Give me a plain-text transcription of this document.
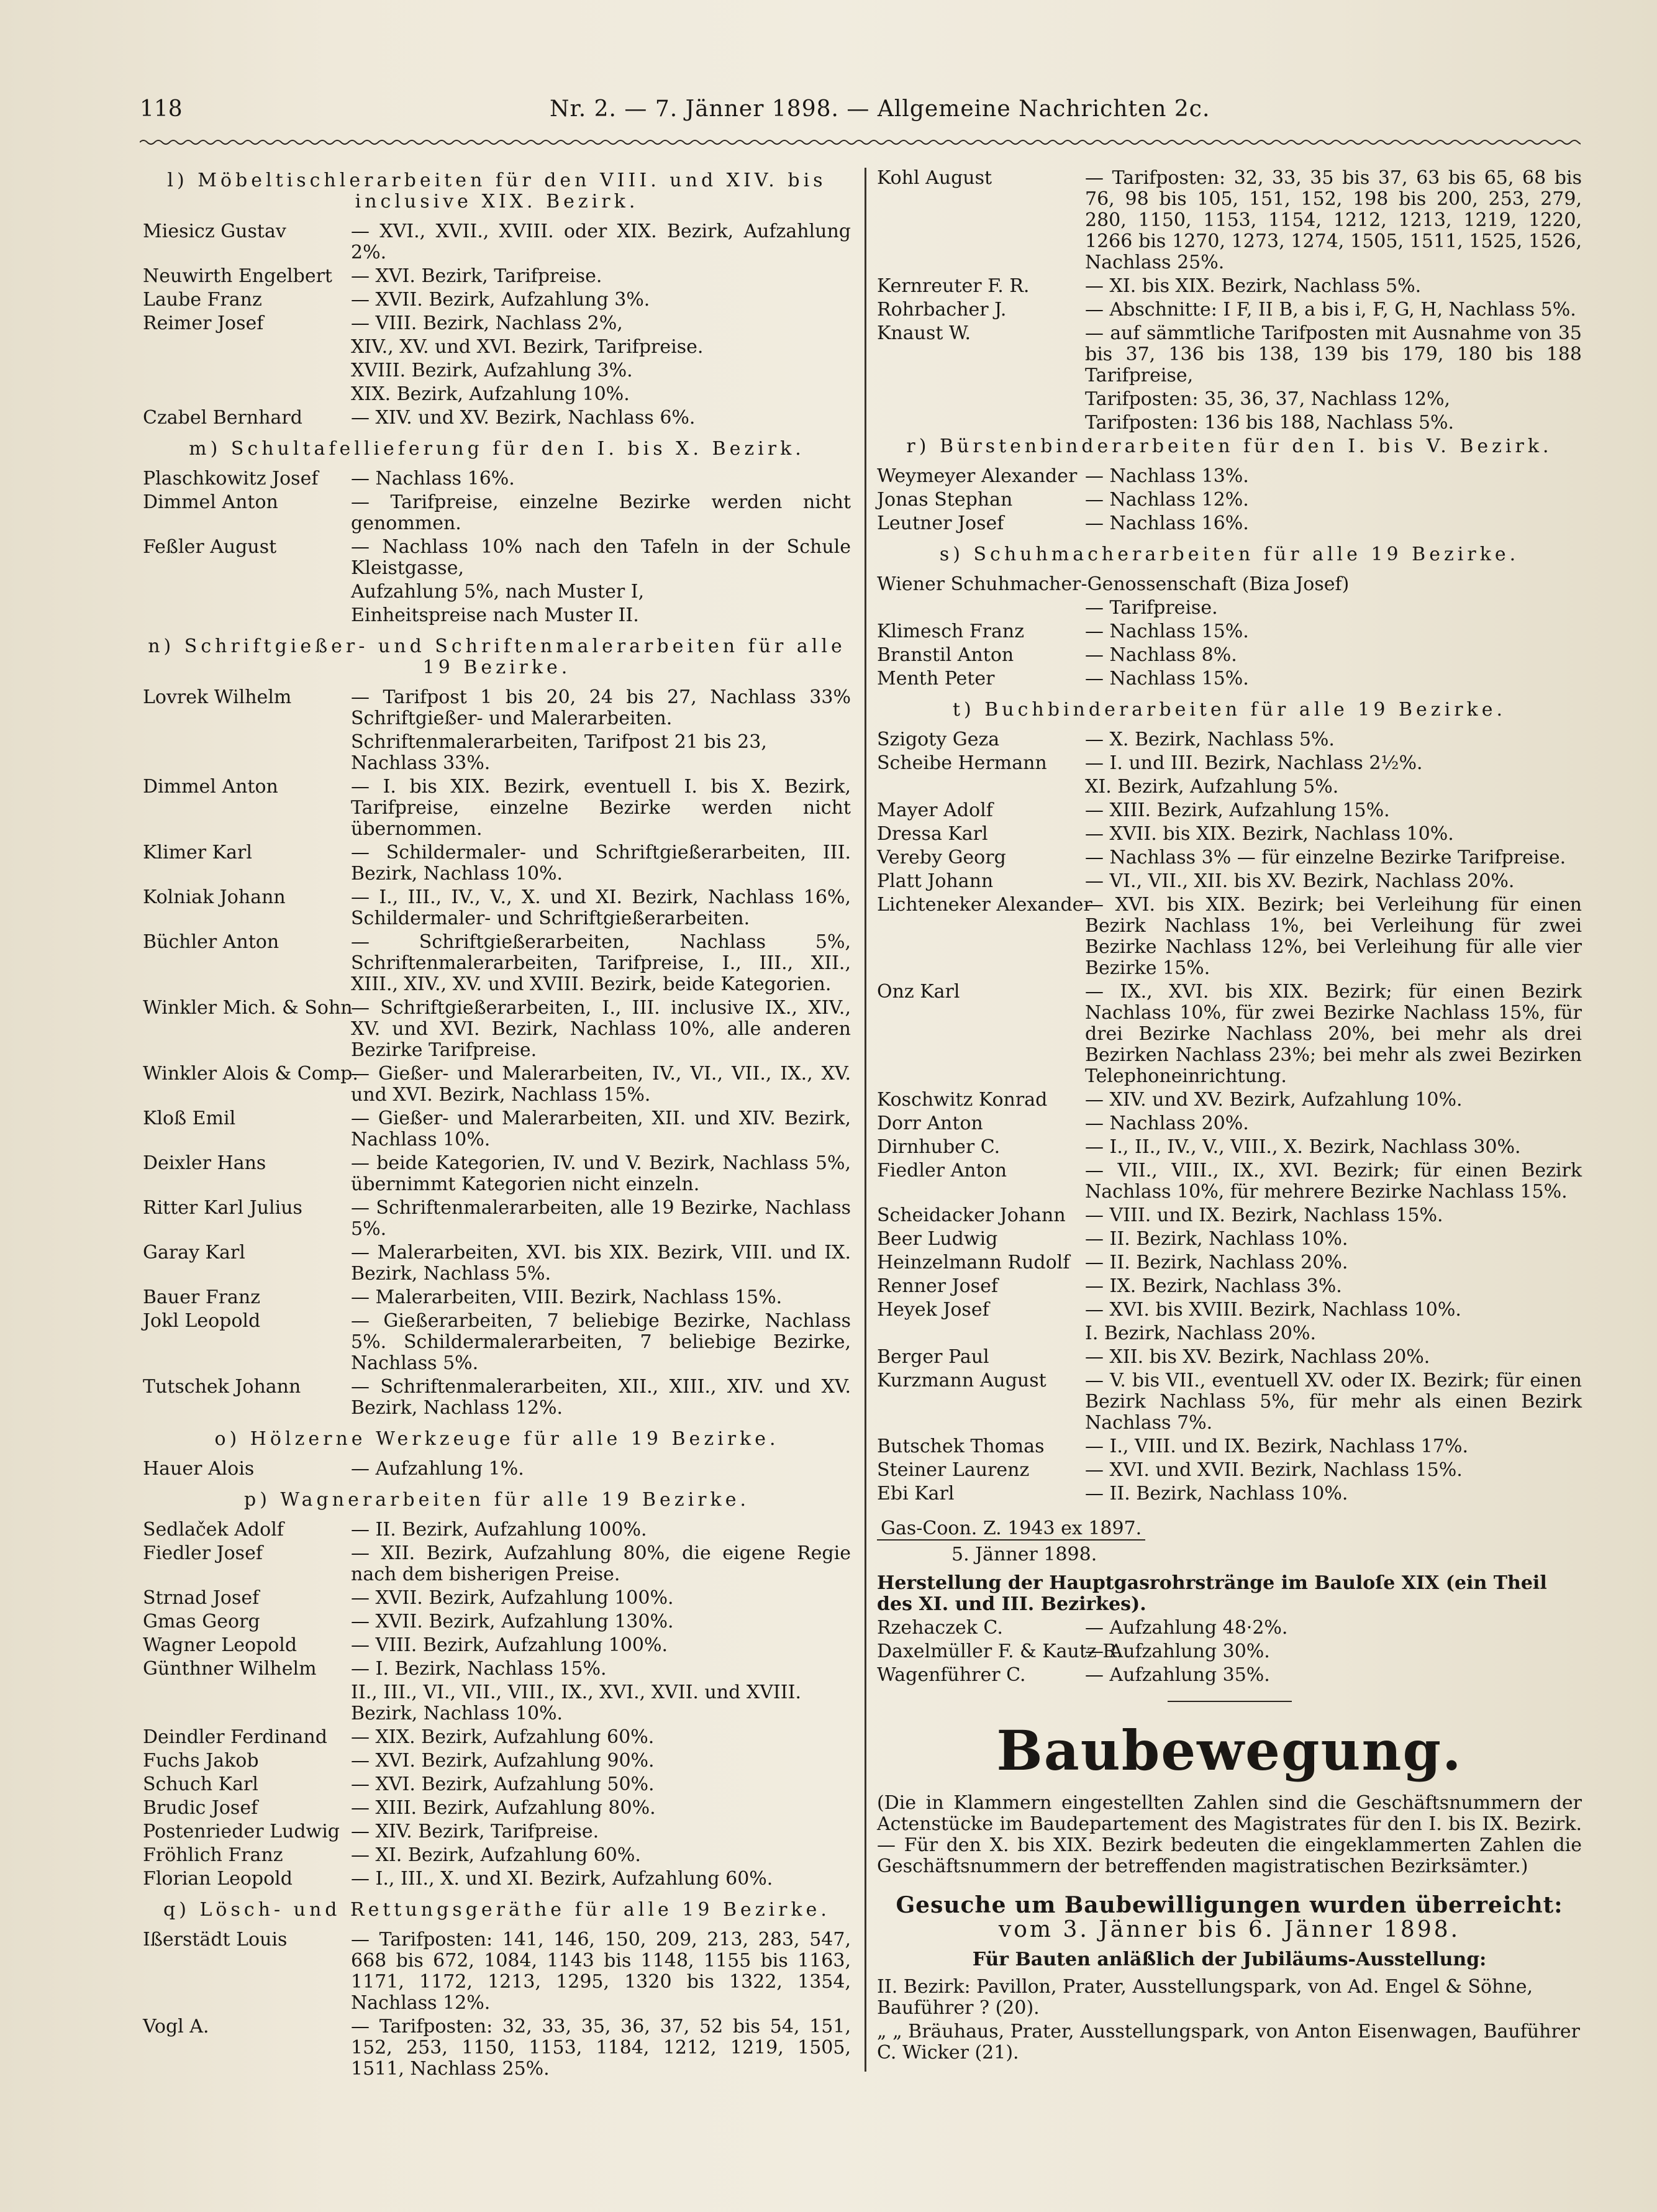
118	Nr. 2. — 7. Jänner 1898. — Allgemeine Nachrichten 2c.
l) Möbeltischlerarbeiten für den VIII. und XIV. bis inclusive XIX. Bezirk.
Miesicz Gustav	— XVI., XVII., XVIII. oder XIX. Bezirk, Aufzahlung 2%.
Neuwirth Engelbert	— XVI. Bezirk, Tarifpreise.
Laube Franz	— XVII. Bezirk, Aufzahlung 3%.
Reimer Josef	— VIII. Bezirk, Nachlass 2%,
XIV., XV. und XVI. Bezirk, Tarifpreise.
XVIII. Bezirk, Aufzahlung 3%.
XIX. Bezirk, Aufzahlung 10%.
Czabel Bernhard	— XIV. und XV. Bezirk, Nachlass 6%.
m) Schultafellieferung für den I. bis X. Bezirk.
Plaschkowitz Josef	— Nachlass 16%.
Dimmel Anton	— Tarifpreise, einzelne Bezirke werden nicht genommen.
Feßler August	— Nachlass 10% nach den Tafeln in der Schule Kleistgasse,
Aufzahlung 5%, nach Muster I,
Einheitspreise nach Muster II.
n) Schriftgießer- und Schriftenmalerarbeiten für alle 19 Bezirke.
Lovrek Wilhelm	— Tarifpost 1 bis 20, 24 bis 27, Nachlass 33% Schriftgießer- und Malerarbeiten.
Schriftenmalerarbeiten, Tarifpost 21 bis 23, Nachlass 33%.
Dimmel Anton	— I. bis XIX. Bezirk, eventuell I. bis X. Bezirk, Tarifpreise, einzelne Bezirke werden nicht übernommen.
Klimer Karl	— Schildermaler- und Schriftgießerarbeiten, III. Bezirk, Nachlass 10%.
Kolniak Johann	— I., III., IV., V., X. und XI. Bezirk, Nachlass 16%, Schildermaler- und Schriftgießerarbeiten.
Büchler Anton	— Schriftgießerarbeiten, Nachlass 5%, Schriftenmalerarbeiten, Tarifpreise, I., III., XII., XIII., XIV., XV. und XVIII. Bezirk, beide Kategorien.
Winkler Mich. & Sohn
— Schriftgießerarbeiten, I., III. inclusive IX., XIV., XV. und XVI. Bezirk, Nachlass 10%, alle anderen Bezirke Tarifpreise.
Winkler Alois & Comp.
— Gießer- und Malerarbeiten, IV., VI., VII., IX., XV. und XVI. Bezirk, Nachlass 15%.
Kloß Emil	— Gießer- und Malerarbeiten, XII. und XIV. Bezirk, Nachlass 10%.
Deixler Hans	— beide Kategorien, IV. und V. Bezirk, Nachlass 5%, übernimmt Kategorien nicht einzeln.
Ritter Karl Julius	— Schriftenmalerarbeiten, alle 19 Bezirke, Nachlass 5%.
Garay Karl	— Malerarbeiten, XVI. bis XIX. Bezirk, VIII. und IX. Bezirk, Nachlass 5%.
Bauer Franz	— Malerarbeiten, VIII. Bezirk, Nachlass 15%.
Jokl Leopold	— Gießerarbeiten, 7 beliebige Bezirke, Nachlass 5%. Schildermalerarbeiten, 7 beliebige Bezirke, Nachlass 5%.
Tutschek Johann	— Schriftenmalerarbeiten, XII., XIII., XIV. und XV. Bezirk, Nachlass 12%.
o) Hölzerne Werkzeuge für alle 19 Bezirke.
Hauer Alois	— Aufzahlung 1%.
p) Wagnerarbeiten für alle 19 Bezirke.
Sedlaček Adolf	— II. Bezirk, Aufzahlung 100%.
Fiedler Josef	— XII. Bezirk, Aufzahlung 80%, die eigene Regie nach dem bisherigen Preise.
Strnad Josef	— XVII. Bezirk, Aufzahlung 100%.
Gmas Georg	— XVII. Bezirk, Aufzahlung 130%.
Wagner Leopold	— VIII. Bezirk, Aufzahlung 100%.
Günthner Wilhelm	— I. Bezirk, Nachlass 15%.
II., III., VI., VII., VIII., IX., XVI., XVII. und XVIII. Bezirk, Nachlass 10%.
Deindler Ferdinand	— XIX. Bezirk, Aufzahlung 60%.
Fuchs Jakob	— XVI. Bezirk, Aufzahlung 90%.
Schuch Karl	— XVI. Bezirk, Aufzahlung 50%.
Brudic Josef	— XIII. Bezirk, Aufzahlung 80%.
Postenrieder Ludwig — XIV. Bezirk, Tarifpreise.
Fröhlich Franz	— XI. Bezirk, Aufzahlung 60%.
Florian Leopold	— I., III., X. und XI. Bezirk, Aufzahlung 60%.
q) Lösch- und Rettungsgeräthe für alle 19 Bezirke.
Ißerstädt Louis	— Tarifposten: 141, 146, 150, 209, 213, 283, 547, 668 bis 672, 1084, 1143 bis 1148, 1155 bis 1163, 1171, 1172, 1213, 1295, 1320 bis 1322, 1354, Nachlass 12%.
Vogl A.	— Tarifposten: 32, 33, 35, 36, 37, 52 bis 54, 151, 152, 253, 1150, 1153, 1184, 1212, 1219, 1505, 1511, Nachlass 25%.
Kohl August	— Tarifposten: 32, 33, 35 bis 37, 63 bis 65, 68 bis 76, 98 bis 105, 151, 152, 198 bis 200, 253, 279, 280, 1150, 1153, 1154, 1212, 1213, 1219, 1220, 1266 bis 1270, 1273, 1274, 1505, 1511, 1525, 1526, Nachlass 25%.
Kernreuter F. R.	— XI. bis XIX. Bezirk, Nachlass 5%.
Rohrbacher J.	— Abschnitte: I F, II B, a bis i, F, G, H, Nachlass 5%.
Knaust W.	— auf sämmtliche Tarifposten mit Ausnahme von 35 bis 37, 136 bis 138, 139 bis 179, 180 bis 188 Tarifpreise,
Tarifposten: 35, 36, 37, Nachlass 12%,
Tarifposten: 136 bis 188, Nachlass 5%.
r) Bürstenbinderarbeiten für den I. bis V. Bezirk.
Weymeyer Alexander — Nachlass 13%.
Jonas Stephan	— Nachlass 12%.
Leutner Josef	— Nachlass 16%.
s) Schuhmacherarbeiten für alle 19 Bezirke.
Wiener Schuhmacher-Genossenschaft (Biza Josef)
— Tarifpreise.
Klimesch Franz	— Nachlass 15%.
Branstil Anton	— Nachlass 8%.
Menth Peter	— Nachlass 15%.
t) Buchbinderarbeiten für alle 19 Bezirke.
Szigoty Geza	— X. Bezirk, Nachlass 5%.
Scheibe Hermann	— I. und III. Bezirk, Nachlass 2½%.
XI. Bezirk, Aufzahlung 5%.
Mayer Adolf	— XIII. Bezirk, Aufzahlung 15%.
Dressa Karl	— XVII. bis XIX. Bezirk, Nachlass 10%.
Vereby Georg	— Nachlass 3% — für einzelne Bezirke Tarifpreise.
Platt Johann	— VI., VII., XII. bis XV. Bezirk, Nachlass 20%.
Lichteneker Alexander
— XVI. bis XIX. Bezirk; bei Verleihung für einen Bezirk Nachlass 1%, bei Verleihung für zwei Bezirke Nachlass 12%, bei Verleihung für alle vier Bezirke 15%.
Onz Karl	— IX., XVI. bis XIX. Bezirk; für einen Bezirk Nachlass 10%, für zwei Bezirke Nachlass 15%, für drei Bezirke Nachlass 20%, bei mehr als drei Bezirken Nachlass 23%; bei mehr als zwei Bezirken Telephoneinrichtung.
Koschwitz Konrad	— XIV. und XV. Bezirk, Aufzahlung 10%.
Dorr Anton	— Nachlass 20%.
Dirnhuber C.	— I., II., IV., V., VIII., X. Bezirk, Nachlass 30%.
Fiedler Anton	— VII., VIII., IX., XVI. Bezirk; für einen Bezirk Nachlass 10%, für mehrere Bezirke Nachlass 15%.
Scheidacker Johann	— VIII. und IX. Bezirk, Nachlass 15%.
Beer Ludwig	— II. Bezirk, Nachlass 10%.
Heinzelmann Rudolf — II. Bezirk, Nachlass 20%.
Renner Josef	— IX. Bezirk, Nachlass 3%.
Heyek Josef	— XVI. bis XVIII. Bezirk, Nachlass 10%.
I. Bezirk, Nachlass 20%.
Berger Paul	— XII. bis XV. Bezirk, Nachlass 20%.
Kurzmann August	— V. bis VII., eventuell XV. oder IX. Bezirk; für einen Bezirk Nachlass 5%, für mehr als einen Bezirk Nachlass 7%.
Butschek Thomas	— I., VIII. und IX. Bezirk, Nachlass 17%.
Steiner Laurenz	— XVI. und XVII. Bezirk, Nachlass 15%.
Ebi Karl	— II. Bezirk, Nachlass 10%.
Gas-Coon. Z. 1943 ex 1897.
5. Jänner 1898.
Herstellung der Hauptgasrohrstränge im Bauloſe XIX (ein Theil des XI. und III. Bezirkes).
Rzehaczek C.	— Aufzahlung 48·2%.
Daxelmüller F. & Kautz R.
— Aufzahlung 30%.
Wagenführer C.	— Aufzahlung 35%.
Baubewegung.
(Die in Klammern eingestellten Zahlen sind die Geschäftsnummern der Actenstücke im Baudepartement des Magistrates für den I. bis IX. Bezirk. — Für den X. bis XIX. Bezirk bedeuten die eingeklammerten Zahlen die Geschäftsnummern der betreffenden magistratischen Bezirksämter.)
Gesuche um Baubewilligungen wurden überreicht:
vom 3. Jänner bis 6. Jänner 1898.
Für Bauten anläßlich der Jubiläums-Ausstellung:
II. Bezirk: Pavillon, Prater, Ausstellungspark, von Ad. Engel & Söhne, Bauführer ? (20).
„ „ Bräuhaus, Prater, Ausstellungspark, von Anton Eisenwagen, Bauführer C. Wicker (21).
